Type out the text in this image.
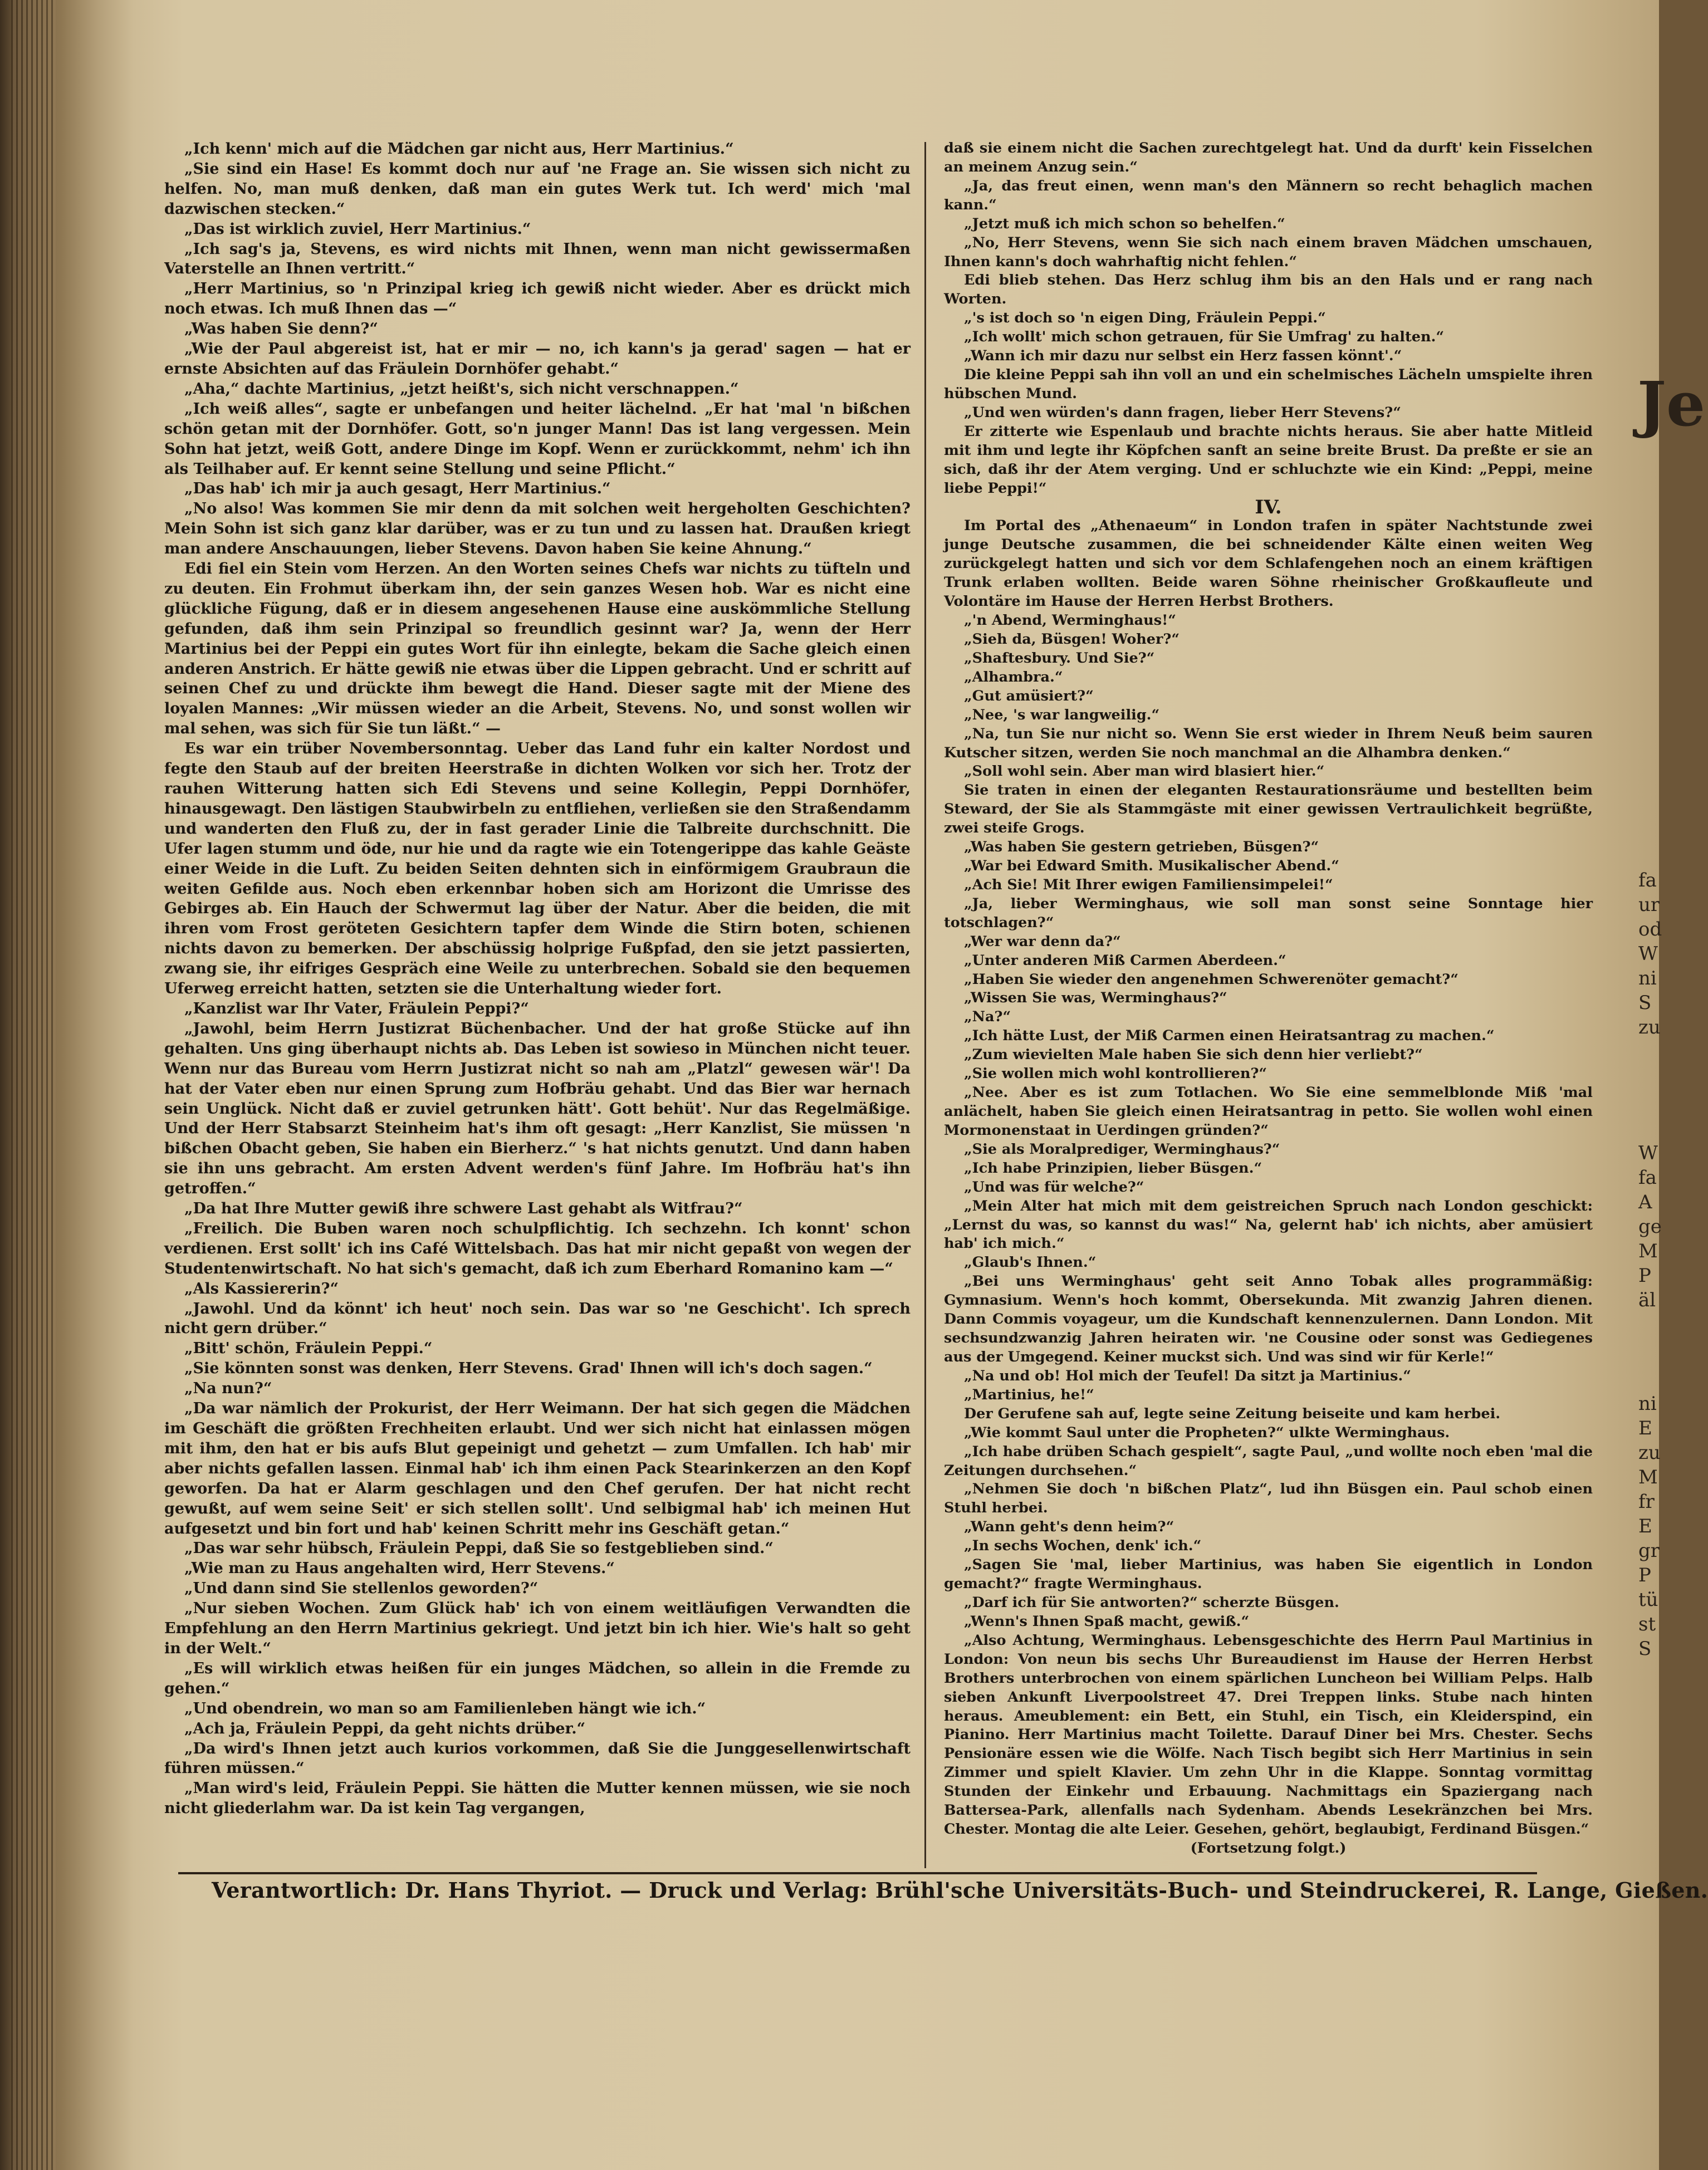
„Ich kenn' mich auf die Mädchen gar nicht aus, Herr Martinius.“

„Sie sind ein Hase! Es kommt doch nur auf 'ne Frage an. Sie wissen sich nicht zu helfen. No, man muß denken, daß man ein gutes Werk tut. Ich werd' mich 'mal dazwischen stecken.“

„Das ist wirklich zuviel, Herr Martinius.“

„Ich sag's ja, Stevens, es wird nichts mit Ihnen, wenn man nicht gewissermaßen Vaterstelle an Ihnen vertritt.“

„Herr Martinius, so 'n Prinzipal krieg ich gewiß nicht wieder. Aber es drückt mich noch etwas. Ich muß Ihnen das —“

„Was haben Sie denn?“

„Wie der Paul abgereist ist, hat er mir — no, ich kann's ja gerad' sagen — hat er ernste Absichten auf das Fräulein Dornhöfer gehabt.“

„Aha,“ dachte Martinius, „jetzt heißt's, sich nicht verschnappen.“

„Ich weiß alles“, sagte er unbefangen und heiter lächelnd. „Er hat 'mal 'n bißchen schön getan mit der Dornhöfer. Gott, so'n junger Mann! Das ist lang vergessen. Mein Sohn hat jetzt, weiß Gott, andere Dinge im Kopf. Wenn er zurückkommt, nehm' ich ihn als Teilhaber auf. Er kennt seine Stellung und seine Pflicht.“

„Das hab' ich mir ja auch gesagt, Herr Martinius.“

„No also! Was kommen Sie mir denn da mit solchen weit hergeholten Geschichten? Mein Sohn ist sich ganz klar darüber, was er zu tun und zu lassen hat. Draußen kriegt man andere Anschauungen, lieber Stevens. Davon haben Sie keine Ahnung.“

Edi fiel ein Stein vom Herzen. An den Worten seines Chefs war nichts zu tüfteln und zu deuten. Ein Frohmut überkam ihn, der sein ganzes Wesen hob. War es nicht eine glückliche Fügung, daß er in diesem angesehenen Hause eine auskömmliche Stellung gefunden, daß ihm sein Prinzipal so freundlich gesinnt war? Ja, wenn der Herr Martinius bei der Peppi ein gutes Wort für ihn einlegte, bekam die Sache gleich einen anderen Anstrich. Er hätte gewiß nie etwas über die Lippen gebracht. Und er schritt auf seinen Chef zu und drückte ihm bewegt die Hand. Dieser sagte mit der Miene des loyalen Mannes: „Wir müssen wieder an die Arbeit, Stevens. No, und sonst wollen wir mal sehen, was sich für Sie tun läßt.“ —

Es war ein trüber Novembersonntag. Ueber das Land fuhr ein kalter Nordost und fegte den Staub auf der breiten Heerstraße in dichten Wolken vor sich her. Trotz der rauhen Witterung hatten sich Edi Stevens und seine Kollegin, Peppi Dornhöfer, hinausgewagt. Den lästigen Staubwirbeln zu entfliehen, verließen sie den Straßendamm und wanderten den Fluß zu, der in fast gerader Linie die Talbreite durchschnitt. Die Ufer lagen stumm und öde, nur hie und da ragte wie ein Totengerippe das kahle Geäste einer Weide in die Luft. Zu beiden Seiten dehnten sich in einförmigem Graubraun die weiten Gefilde aus. Noch eben erkennbar hoben sich am Horizont die Umrisse des Gebirges ab. Ein Hauch der Schwermut lag über der Natur. Aber die beiden, die mit ihren vom Frost geröteten Gesichtern tapfer dem Winde die Stirn boten, schienen nichts davon zu bemerken. Der abschüssig holprige Fußpfad, den sie jetzt passierten, zwang sie, ihr eifriges Gespräch eine Weile zu unterbrechen. Sobald sie den bequemen Uferweg erreicht hatten, setzten sie die Unterhaltung wieder fort.

„Kanzlist war Ihr Vater, Fräulein Peppi?“

„Jawohl, beim Herrn Justizrat Büchenbacher. Und der hat große Stücke auf ihn gehalten. Uns ging überhaupt nichts ab. Das Leben ist sowieso in München nicht teuer. Wenn nur das Bureau vom Herrn Justizrat nicht so nah am „Platzl“ gewesen wär'! Da hat der Vater eben nur einen Sprung zum Hofbräu gehabt. Und das Bier war hernach sein Unglück. Nicht daß er zuviel getrunken hätt'. Gott behüt'. Nur das Regelmäßige. Und der Herr Stabsarzt Steinheim hat's ihm oft gesagt: „Herr Kanzlist, Sie müssen 'n bißchen Obacht geben, Sie haben ein Bierherz.“ 's hat nichts genutzt. Und dann haben sie ihn uns gebracht. Am ersten Advent werden's fünf Jahre. Im Hofbräu hat's ihn getroffen.“

„Da hat Ihre Mutter gewiß ihre schwere Last gehabt als Witfrau?“

„Freilich. Die Buben waren noch schulpflichtig. Ich sechzehn. Ich konnt' schon verdienen. Erst sollt' ich ins Café Wittelsbach. Das hat mir nicht gepaßt von wegen der Studentenwirtschaft. No hat sich's gemacht, daß ich zum Eberhard Romanino kam —“

„Als Kassiererin?“

„Jawohl. Und da könnt' ich heut' noch sein. Das war so 'ne Geschicht'. Ich sprech nicht gern drüber.“

„Bitt' schön, Fräulein Peppi.“

„Sie könnten sonst was denken, Herr Stevens. Grad' Ihnen will ich's doch sagen.“

„Na nun?“

„Da war nämlich der Prokurist, der Herr Weimann. Der hat sich gegen die Mädchen im Geschäft die größten Frechheiten erlaubt. Und wer sich nicht hat einlassen mögen mit ihm, den hat er bis aufs Blut gepeinigt und gehetzt — zum Umfallen. Ich hab' mir aber nichts gefallen lassen. Einmal hab' ich ihm einen Pack Stearinkerzen an den Kopf geworfen. Da hat er Alarm geschlagen und den Chef gerufen. Der hat nicht recht gewußt, auf wem seine Seit' er sich stellen sollt'. Und selbigmal hab' ich meinen Hut aufgesetzt und bin fort und hab' keinen Schritt mehr ins Geschäft getan.“

„Das war sehr hübsch, Fräulein Peppi, daß Sie so festgeblieben sind.“

„Wie man zu Haus angehalten wird, Herr Stevens.“

„Und dann sind Sie stellenlos geworden?“

„Nur sieben Wochen. Zum Glück hab' ich von einem weitläufigen Verwandten die Empfehlung an den Herrn Martinius gekriegt. Und jetzt bin ich hier. Wie's halt so geht in der Welt.“

„Es will wirklich etwas heißen für ein junges Mädchen, so allein in die Fremde zu gehen.“

„Und obendrein, wo man so am Familienleben hängt wie ich.“

„Ach ja, Fräulein Peppi, da geht nichts drüber.“

„Da wird's Ihnen jetzt auch kurios vorkommen, daß Sie die Junggesellenwirtschaft führen müssen.“

„Man wird's leid, Fräulein Peppi. Sie hätten die Mutter kennen müssen, wie sie noch nicht gliederlahm war. Da ist kein Tag vergangen,

daß sie einem nicht die Sachen zurechtgelegt hat. Und da durft' kein Fisselchen an meinem Anzug sein.“

„Ja, das freut einen, wenn man's den Männern so recht behaglich machen kann.“

„Jetzt muß ich mich schon so behelfen.“

„No, Herr Stevens, wenn Sie sich nach einem braven Mädchen umschauen, Ihnen kann's doch wahrhaftig nicht fehlen.“

Edi blieb stehen. Das Herz schlug ihm bis an den Hals und er rang nach Worten.

„'s ist doch so 'n eigen Ding, Fräulein Peppi.“

„Ich wollt' mich schon getrauen, für Sie Umfrag' zu halten.“

„Wann ich mir dazu nur selbst ein Herz fassen könnt'.“

Die kleine Peppi sah ihn voll an und ein schelmisches Lächeln umspielte ihren hübschen Mund.

„Und wen würden's dann fragen, lieber Herr Stevens?“

Er zitterte wie Espenlaub und brachte nichts heraus. Sie aber hatte Mitleid mit ihm und legte ihr Köpfchen sanft an seine breite Brust. Da preßte er sie an sich, daß ihr der Atem verging. Und er schluchzte wie ein Kind: „Peppi, meine liebe Peppi!“

IV.

Im Portal des „Athenaeum“ in London trafen in später Nachtstunde zwei junge Deutsche zusammen, die bei schneidender Kälte einen weiten Weg zurückgelegt hatten und sich vor dem Schlafengehen noch an einem kräftigen Trunk erlaben wollten. Beide waren Söhne rheinischer Großkaufleute und Volontäre im Hause der Herren Herbst Brothers.

„'n Abend, Werminghaus!“

„Sieh da, Büsgen! Woher?“

„Shaftesbury. Und Sie?“

„Alhambra.“

„Gut amüsiert?“

„Nee, 's war langweilig.“

„Na, tun Sie nur nicht so. Wenn Sie erst wieder in Ihrem Neuß beim sauren Kutscher sitzen, werden Sie noch manchmal an die Alhambra denken.“

„Soll wohl sein. Aber man wird blasiert hier.“

Sie traten in einen der eleganten Restaurationsräume und bestellten beim Steward, der Sie als Stammgäste mit einer gewissen Vertraulichkeit begrüßte, zwei steife Grogs.

„Was haben Sie gestern getrieben, Büsgen?“

„War bei Edward Smith. Musikalischer Abend.“

„Ach Sie! Mit Ihrer ewigen Familiensimpelei!“

„Ja, lieber Werminghaus, wie soll man sonst seine Sonntage hier totschlagen?“

„Wer war denn da?“

„Unter anderen Miß Carmen Aberdeen.“

„Haben Sie wieder den angenehmen Schwerenöter gemacht?“

„Wissen Sie was, Werminghaus?“

„Na?“

„Ich hätte Lust, der Miß Carmen einen Heiratsantrag zu machen.“

„Zum wievielten Male haben Sie sich denn hier verliebt?“

„Sie wollen mich wohl kontrollieren?“

„Nee. Aber es ist zum Totlachen. Wo Sie eine semmelblonde Miß 'mal anlächelt, haben Sie gleich einen Heiratsantrag in petto. Sie wollen wohl einen Mormonenstaat in Uerdingen gründen?“

„Sie als Moralprediger, Werminghaus?“

„Ich habe Prinzipien, lieber Büsgen.“

„Und was für welche?“

„Mein Alter hat mich mit dem geistreichen Spruch nach London geschickt: „Lernst du was, so kannst du was!“ Na, gelernt hab' ich nichts, aber amüsiert hab' ich mich.“

„Glaub's Ihnen.“

„Bei uns Werminghaus' geht seit Anno Tobak alles programmäßig: Gymnasium. Wenn's hoch kommt, Obersekunda. Mit zwanzig Jahren dienen. Dann Commis voyageur, um die Kundschaft kennenzulernen. Dann London. Mit sechsundzwanzig Jahren heiraten wir. 'ne Cousine oder sonst was Gediegenes aus der Umgegend. Keiner muckst sich. Und was sind wir für Kerle!“

„Na und ob! Hol mich der Teufel! Da sitzt ja Martinius.“

„Martinius, he!“

Der Gerufene sah auf, legte seine Zeitung beiseite und kam herbei.

„Wie kommt Saul unter die Propheten?“ ulkte Werminghaus.

„Ich habe drüben Schach gespielt“, sagte Paul, „und wollte noch eben 'mal die Zeitungen durchsehen.“

„Nehmen Sie doch 'n bißchen Platz“, lud ihn Büsgen ein. Paul schob einen Stuhl herbei.

„Wann geht's denn heim?“

„In sechs Wochen, denk' ich.“

„Sagen Sie 'mal, lieber Martinius, was haben Sie eigentlich in London gemacht?“ fragte Werminghaus.

„Darf ich für Sie antworten?“ scherzte Büsgen.

„Wenn's Ihnen Spaß macht, gewiß.“

„Also Achtung, Werminghaus. Lebensgeschichte des Herrn Paul Martinius in London: Von neun bis sechs Uhr Bureaudienst im Hause der Herren Herbst Brothers unterbrochen von einem spärlichen Luncheon bei William Pelps. Halb sieben Ankunft Liverpoolstreet 47. Drei Treppen links. Stube nach hinten heraus. Ameublement: ein Bett, ein Stuhl, ein Tisch, ein Kleiderspind, ein Pianino. Herr Martinius macht Toilette. Darauf Diner bei Mrs. Chester. Sechs Pensionäre essen wie die Wölfe. Nach Tisch begibt sich Herr Martinius in sein Zimmer und spielt Klavier. Um zehn Uhr in die Klappe. Sonntag vormittag Stunden der Einkehr und Erbauung. Nachmittags ein Spaziergang nach Battersea-Park, allenfalls nach Sydenham. Abends Lesekränzchen bei Mrs. Chester. Montag die alte Leier. Gesehen, gehört, beglaubigt, Ferdinand Büsgen.“

(Fortsetzung folgt.)

Verantwortlich: Dr. Hans Thyriot. — Druck und Verlag: Brühl'sche Universitäts-Buch- und Steindruckerei, R. Lange, Gießen.
Je
fa
ur
od
W
ni
S
zu
W
fa
A
ge
M
P
äl
ni
E
zu
M
fr
E
gr
P
tü
st
S
